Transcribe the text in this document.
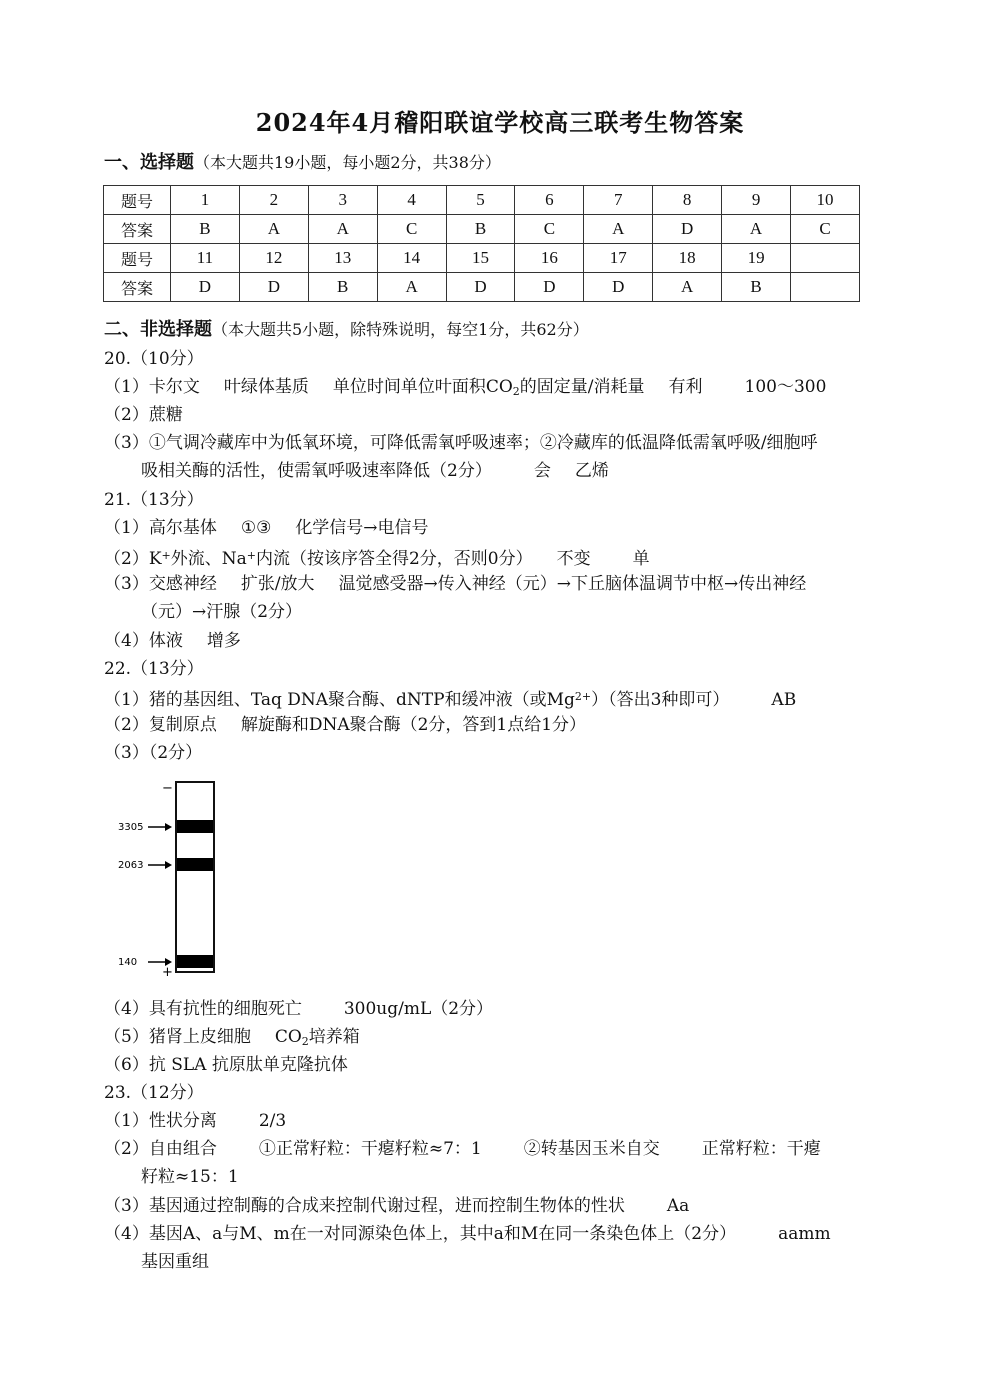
2024年4月稽阳联谊学校高三联考生物答案
一、选择题（本大题共19小题，每小题2分，共38分）
题号	1	2	3	4	5	6	7	8	9	10
答案	B	A	A	C	B	C	A	D	A	C
题号	11	12	13	14	15	16	17	18	19	
答案	D	D	B	A	D	D	D	A	B	
二、非选择题（本大题共5小题，除特殊说明，每空1分，共62分）
20.（10分）
（1）卡尔文 叶绿体基质 单位时间单位叶面积$CO_2$的固定量/消耗量 有利 100～300
（2）蔗糖
（3）①气调冷藏库中为低氧环境，可降低需氧呼吸速率；②冷藏库的低温降低需氧呼吸/细胞呼
吸相关酶的活性，使需氧呼吸速率降低（2分） 会 乙烯
21.（13分）
（1）高尔基体 ①③ 化学信号→电信号
（2）K+外流、Na+内流（按该序答全得2分，否则0分） 不变 单
（3）交感神经 扩张/放大 温觉感受器→传入神经（元）→下丘脑体温调节中枢→传出神经
（元）→汗腺（2分）
（4）体液 增多
22.（13分）
（1）猪的基因组、Taq DNA聚合酶、dNTP和缓冲液（或$Mg^{2+}$）（答出3种即可） AB
（2）复制原点 解旋酶和DNA聚合酶（2分，答到1点给1分）
（3）（2分）
−
+
3305
2063
140
（4）具有抗性的细胞死亡 300ug/mL（2分）
（5）猪肾上皮细胞 $CO_2$培养箱
（6）抗 SLA 抗原肽单克隆抗体
23.（12分）
（1）性状分离 2/3
（2）自由组合 ①正常籽粒：干瘪籽粒≈7：1 ②转基因玉米自交 正常籽粒：干瘪
籽粒≈15：1
（3）基因通过控制酶的合成来控制代谢过程，进而控制生物体的性状 Aa
（4）基因A、a与M、m在一对同源染色体上，其中a和M在同一条染色体上（2分） aamm
基因重组
